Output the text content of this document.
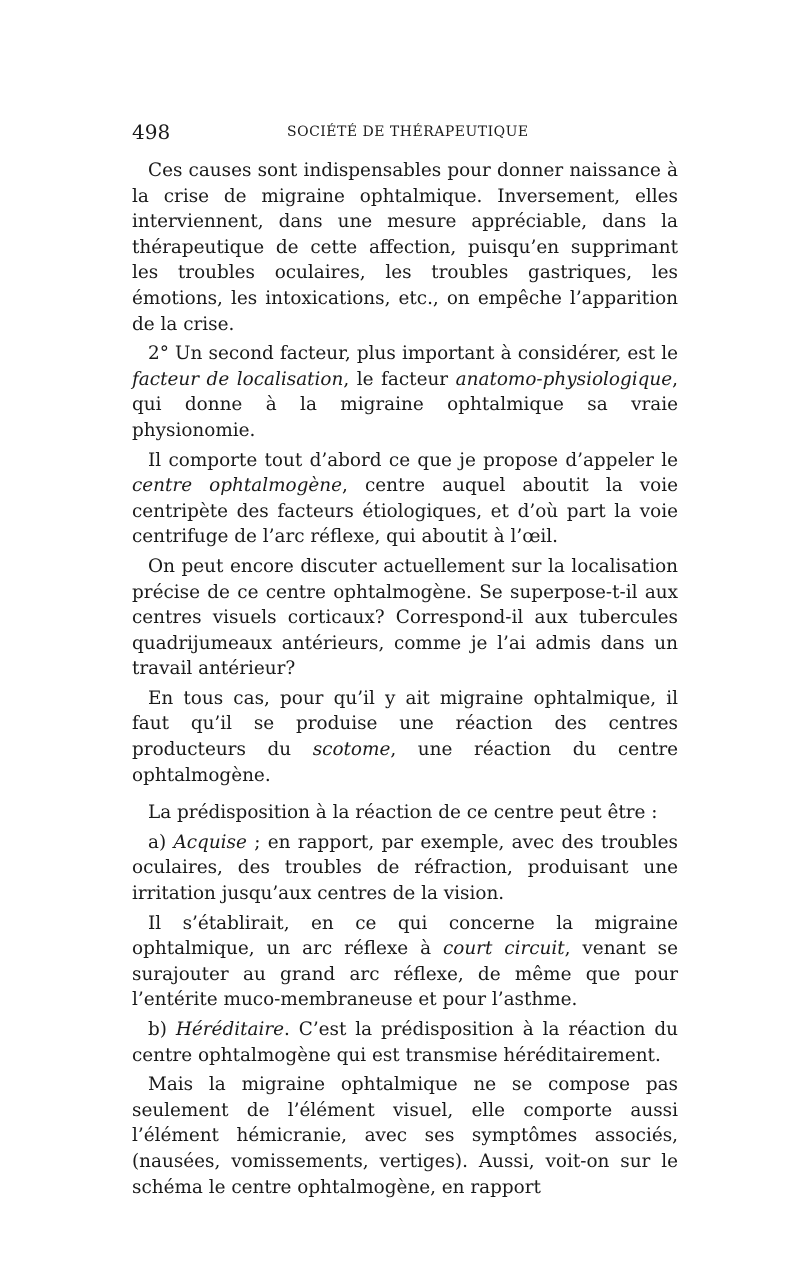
498	SOCIÉTÉ DE THÉRAPEUTIQUE

Ces causes sont indispensables pour donner naissance à la crise de migraine ophtalmique. Inversement, elles interviennent, dans une mesure appréciable, dans la thérapeutique de cette affection, puisqu’en supprimant les troubles oculaires, les troubles gastriques, les émotions, les intoxications, etc., on empêche l’apparition de la crise.

2° Un second facteur, plus important à considérer, est le facteur de localisation, le facteur anatomo-physiologique, qui donne à la migraine ophtalmique sa vraie physionomie.

Il comporte tout d’abord ce que je propose d’appeler le centre ophtalmogène, centre auquel aboutit la voie centripète des facteurs étiologiques, et d’où part la voie centrifuge de l’arc réflexe, qui aboutit à l’œil.

On peut encore discuter actuellement sur la localisation précise de ce centre ophtalmogène. Se superpose-t-il aux centres visuels corticaux? Correspond-il aux tubercules quadrijumeaux antérieurs, comme je l’ai admis dans un travail antérieur?

En tous cas, pour qu’il y ait migraine ophtalmique, il faut qu’il se produise une réaction des centres producteurs du scotome, une réaction du centre ophtalmogène.

La prédisposition à la réaction de ce centre peut être :

a) Acquise ; en rapport, par exemple, avec des troubles oculaires, des troubles de réfraction, produisant une irritation jusqu’aux centres de la vision.

Il s’établirait, en ce qui concerne la migraine ophtalmique, un arc réflexe à court circuit, venant se surajouter au grand arc réflexe, de même que pour l’entérite muco-membraneuse et pour l’asthme.

b) Héréditaire. C’est la prédisposition à la réaction du centre ophtalmogène qui est transmise héréditairement.

Mais la migraine ophtalmique ne se compose pas seulement de l’élément visuel, elle comporte aussi l’élément hémicranie, avec ses symptômes associés, (nausées, vomissements, vertiges). Aussi, voit-on sur le schéma le centre ophtalmogène, en rapport
